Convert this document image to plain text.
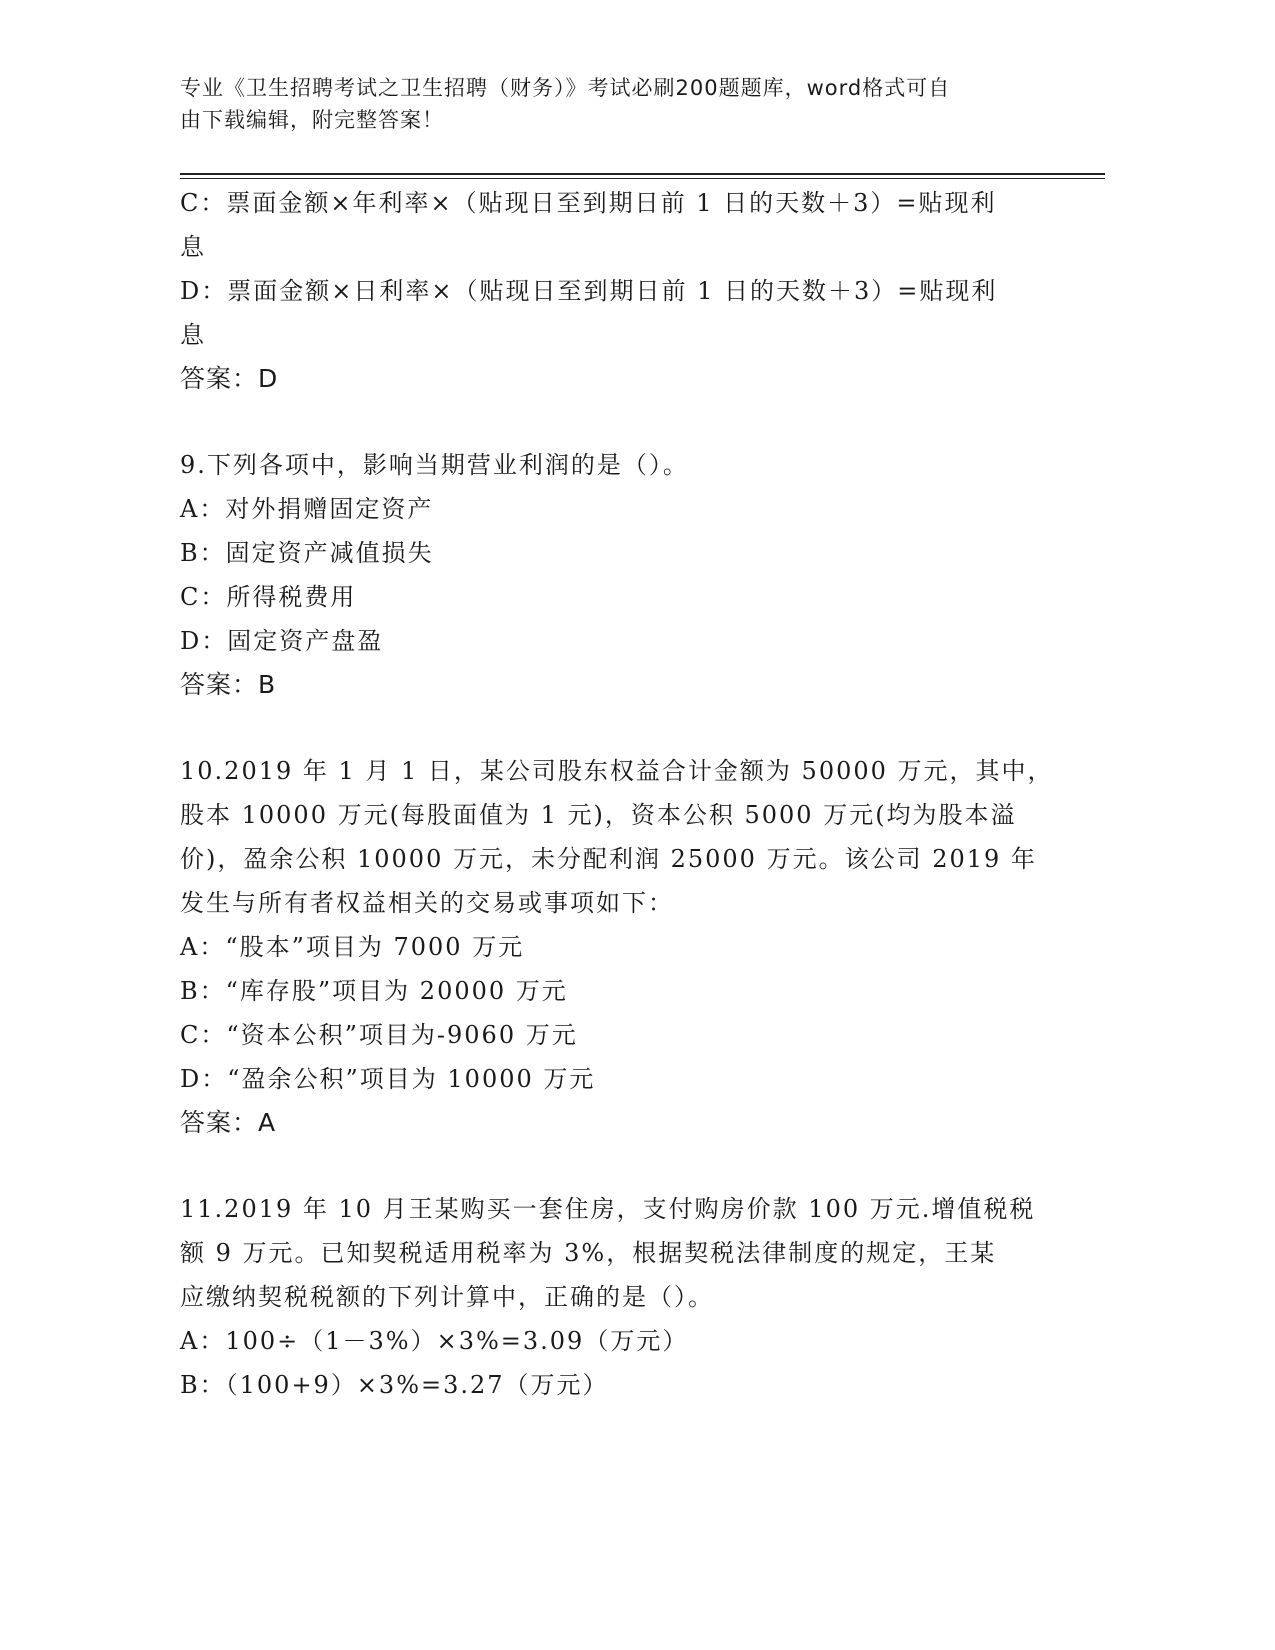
专业《卫生招聘考试之卫生招聘（财务）》考试必刷200题题库，word格式可自
由下载编辑，附完整答案！
C：票面金额×年利率×（贴现日至到期日前 1 日的天数＋3）=贴现利
息
D：票面金额×日利率×（贴现日至到期日前 1 日的天数＋3）=贴现利
息
答案：D
9.下列各项中，影响当期营业利润的是（）。
A：对外捐赠固定资产
B：固定资产减值损失
C：所得税费用
D：固定资产盘盈
答案：B
10.2019 年 1 月 1 日，某公司股东权益合计金额为 50000 万元，其中，
股本 10000 万元(每股面值为 1 元)，资本公积 5000 万元(均为股本溢
价)，盈余公积 10000 万元，未分配利润 25000 万元。该公司 2019 年
发生与所有者权益相关的交易或事项如下：
A：“股本”项目为 7000 万元
B：“库存股”项目为 20000 万元
C：“资本公积”项目为-9060 万元
D：“盈余公积”项目为 10000 万元
答案：A
11.2019 年 10 月王某购买一套住房，支付购房价款 100 万元.增值税税
额 9 万元。已知契税适用税率为 3%，根据契税法律制度的规定，王某
应缴纳契税税额的下列计算中，正确的是（）。
A：100÷（1－3%）×3%=3.09（万元）
B：（100+9）×3%=3.27（万元）
